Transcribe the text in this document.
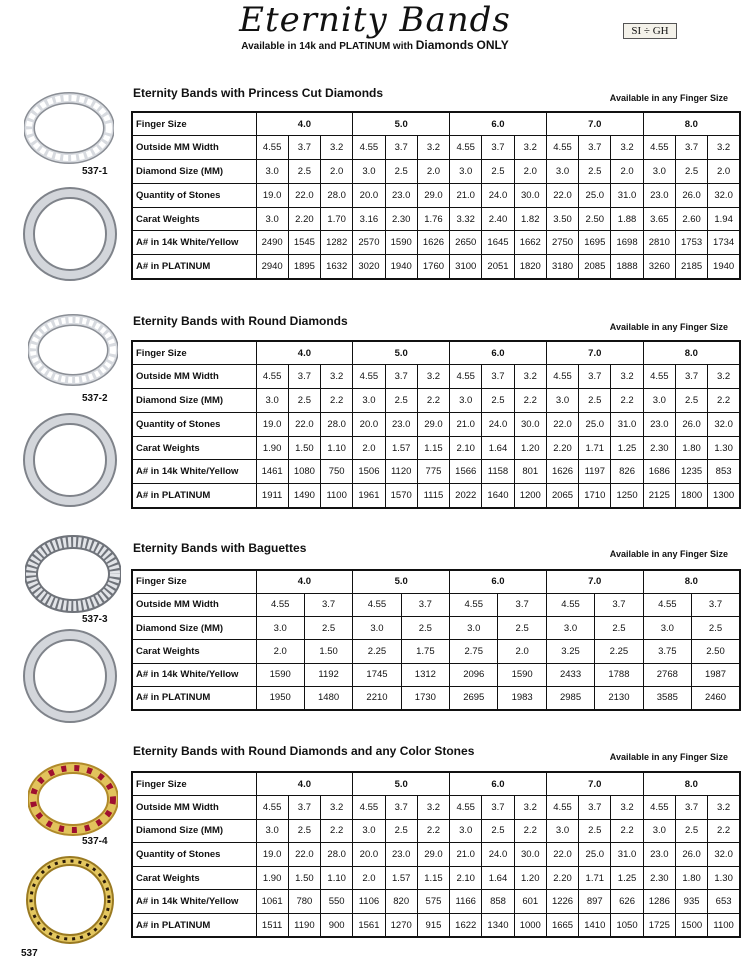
Eternity Bands
Available in 14k and PLATINUM with Diamonds ONLY
SI ÷ GH
Eternity Bands with Princess Cut Diamonds	Available in any Finger Size
537-1
Eternity Bands with Round Diamonds	Available in any Finger Size
537-2
Eternity Bands with Baguettes	Available in any Finger Size
537-3
Eternity Bands with Round Diamonds and any Color Stones	Available in any Finger Size
537-4
537
Finger Size	4.0			5.0			6.0			7.0			8.0		
Outside MM Width	4.55	3.7	3.2	4.55	3.7	3.2	4.55	3.7	3.2	4.55	3.7	3.2	4.55	3.7	3.2
Diamond Size (MM)	3.0	2.5	2.0	3.0	2.5	2.0	3.0	2.5	2.0	3.0	2.5	2.0	3.0	2.5	2.0
Quantity of Stones	19.0	22.0	28.0	20.0	23.0	29.0	21.0	24.0	30.0	22.0	25.0	31.0	23.0	26.0	32.0
Carat Weights	3.0	2.20	1.70	3.16	2.30	1.76	3.32	2.40	1.82	3.50	2.50	1.88	3.65	2.60	1.94
A# in 14k White/Yellow	2490	1545	1282	2570	1590	1626	2650	1645	1662	2750	1695	1698	2810	1753	1734
A# in PLATINUM	2940	1895	1632	3020	1940	1760	3100	2051	1820	3180	2085	1888	3260	2185	1940
Finger Size	4.0			5.0			6.0			7.0			8.0		
Outside MM Width	4.55	3.7	3.2	4.55	3.7	3.2	4.55	3.7	3.2	4.55	3.7	3.2	4.55	3.7	3.2
Diamond Size (MM)	3.0	2.5	2.2	3.0	2.5	2.2	3.0	2.5	2.2	3.0	2.5	2.2	3.0	2.5	2.2
Quantity of Stones	19.0	22.0	28.0	20.0	23.0	29.0	21.0	24.0	30.0	22.0	25.0	31.0	23.0	26.0	32.0
Carat Weights	1.90	1.50	1.10	2.0	1.57	1.15	2.10	1.64	1.20	2.20	1.71	1.25	2.30	1.80	1.30
A# in 14k White/Yellow	1461	1080	750	1506	1120	775	1566	1158	801	1626	1197	826	1686	1235	853
A# in PLATINUM	1911	1490	1100	1961	1570	1115	2022	1640	1200	2065	1710	1250	2125	1800	1300
Finger Size	4.0		5.0		6.0		7.0		8.0	
Outside MM Width	4.55	3.7	4.55	3.7	4.55	3.7	4.55	3.7	4.55	3.7
Diamond Size (MM)	3.0	2.5	3.0	2.5	3.0	2.5	3.0	2.5	3.0	2.5
Carat Weights	2.0	1.50	2.25	1.75	2.75	2.0	3.25	2.25	3.75	2.50
A# in 14k White/Yellow	1590	1192	1745	1312	2096	1590	2433	1788	2768	1987
A# in PLATINUM	1950	1480	2210	1730	2695	1983	2985	2130	3585	2460
Finger Size	4.0			5.0			6.0			7.0			8.0		
Outside MM Width	4.55	3.7	3.2	4.55	3.7	3.2	4.55	3.7	3.2	4.55	3.7	3.2	4.55	3.7	3.2
Diamond Size (MM)	3.0	2.5	2.2	3.0	2.5	2.2	3.0	2.5	2.2	3.0	2.5	2.2	3.0	2.5	2.2
Quantity of Stones	19.0	22.0	28.0	20.0	23.0	29.0	21.0	24.0	30.0	22.0	25.0	31.0	23.0	26.0	32.0
Carat Weights	1.90	1.50	1.10	2.0	1.57	1.15	2.10	1.64	1.20	2.20	1.71	1.25	2.30	1.80	1.30
A# in 14k White/Yellow	1061	780	550	1106	820	575	1166	858	601	1226	897	626	1286	935	653
A# in PLATINUM	1511	1190	900	1561	1270	915	1622	1340	1000	1665	1410	1050	1725	1500	1100
